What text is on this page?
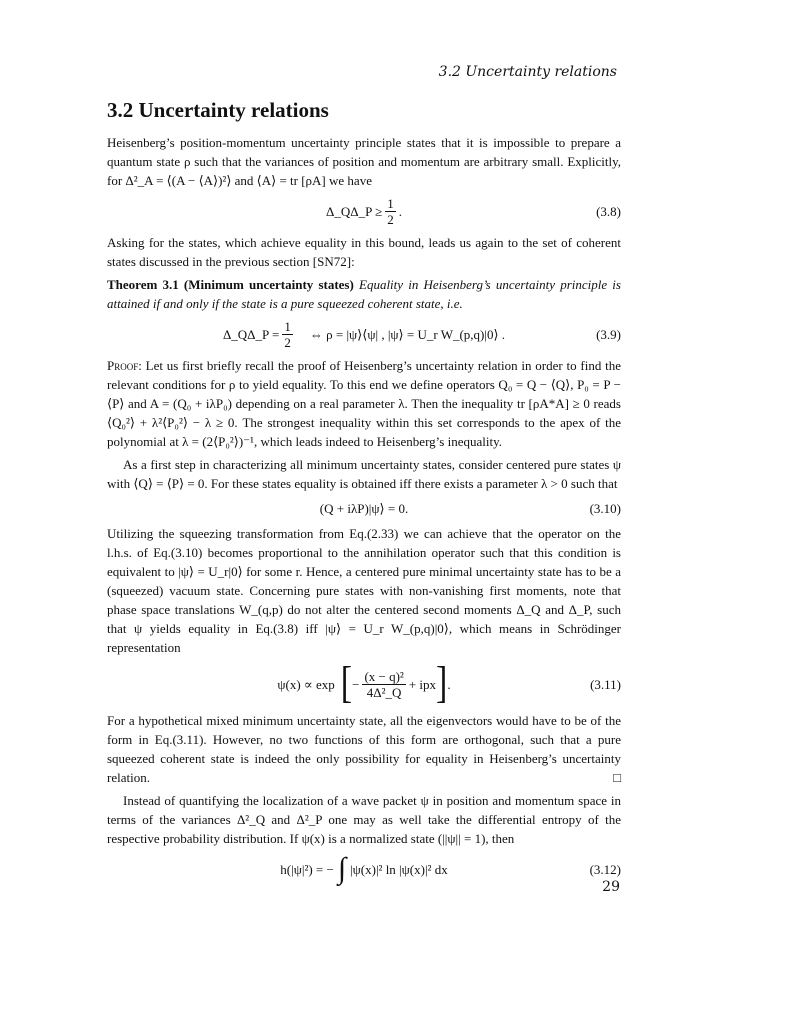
3.2 Uncertainty relations
3.2 Uncertainty relations

Heisenberg’s position-momentum uncertainty principle states that it is impossible to prepare a quantum state ρ such that the variances of position and momentum are arbitrary small. Explicitly, for Δ²_A = ⟨(A − ⟨A⟩)²⟩ and ⟨A⟩ = tr [ρA] we have

Δ_QΔ_P ≥ $\frac{1}{2}$ .	(3.8)

Asking for the states, which achieve equality in this bound, leads us again to the set of coherent states discussed in the previous section [SN72]:

Theorem 3.1 (Minimum uncertainty states) Equality in Heisenberg’s uncertainty principle is attained if and only if the state is a pure squeezed coherent state, i.e.

Δ_QΔ_P = $\frac{1}{2}$ ⇔ ρ = |ψ⟩⟨ψ| , |ψ⟩ = U_r W_(p,q)|0⟩ .	(3.9)

Proof: Let us first briefly recall the proof of Heisenberg’s uncertainty relation in order to find the relevant conditions for ρ to yield equality. To this end we define operators Q₀ = Q − ⟨Q⟩, P₀ = P − ⟨P⟩ and A = (Q₀ + iλP₀) depending on a real parameter λ. Then the inequality tr [ρA*A] ≥ 0 reads ⟨Q₀²⟩ + λ²⟨P₀²⟩ − λ ≥ 0. The strongest inequality within this set corresponds to the apex of the polynomial at λ = (2⟨P₀²⟩)⁻¹, which leads indeed to Heisenberg’s inequality.

As a first step in characterizing all minimum uncertainty states, consider centered pure states ψ with ⟨Q⟩ = ⟨P⟩ = 0. For these states equality is obtained iff there exists a parameter λ > 0 such that

(Q + iλP)|ψ⟩ = 0.	(3.10)

Utilizing the squeezing transformation from Eq.(2.33) we can achieve that the operator on the l.h.s. of Eq.(3.10) becomes proportional to the annihilation operator such that this condition is equivalent to |ψ⟩ = U_r|0⟩ for some r. Hence, a centered pure minimal uncertainty state has to be a (squeezed) vacuum state. Concerning pure states with non-vanishing first moments, note that phase space translations W_(q,p) do not alter the centered second moments Δ_Q and Δ_P, such that ψ yields equality in Eq.(3.8) iff |ψ⟩ = U_r W_(p,q)|0⟩, which means in Schrödinger representation

ψ(x) ∝ exp [ − $\frac{\text{(x − q)²}}{\text{4Δ²\_Q}}$ + ipx ] .	(3.11)

For a hypothetical mixed minimum uncertainty state, all the eigenvectors would have to be of the form in Eq.(3.11). However, no two functions of this form are orthogonal, such that a pure squeezed coherent state is indeed the only possibility for equality in Heisenberg’s uncertainty relation.	□

Instead of quantifying the localization of a wave packet ψ in position and momentum space in terms of the variances Δ²_Q and Δ²_P one may as well take the differential entropy of the respective probability distribution. If ψ(x) is a normalized state (||ψ|| = 1), then

h(|ψ|²) = − ∫ |ψ(x)|² ln |ψ(x)|² dx	(3.12)
29
